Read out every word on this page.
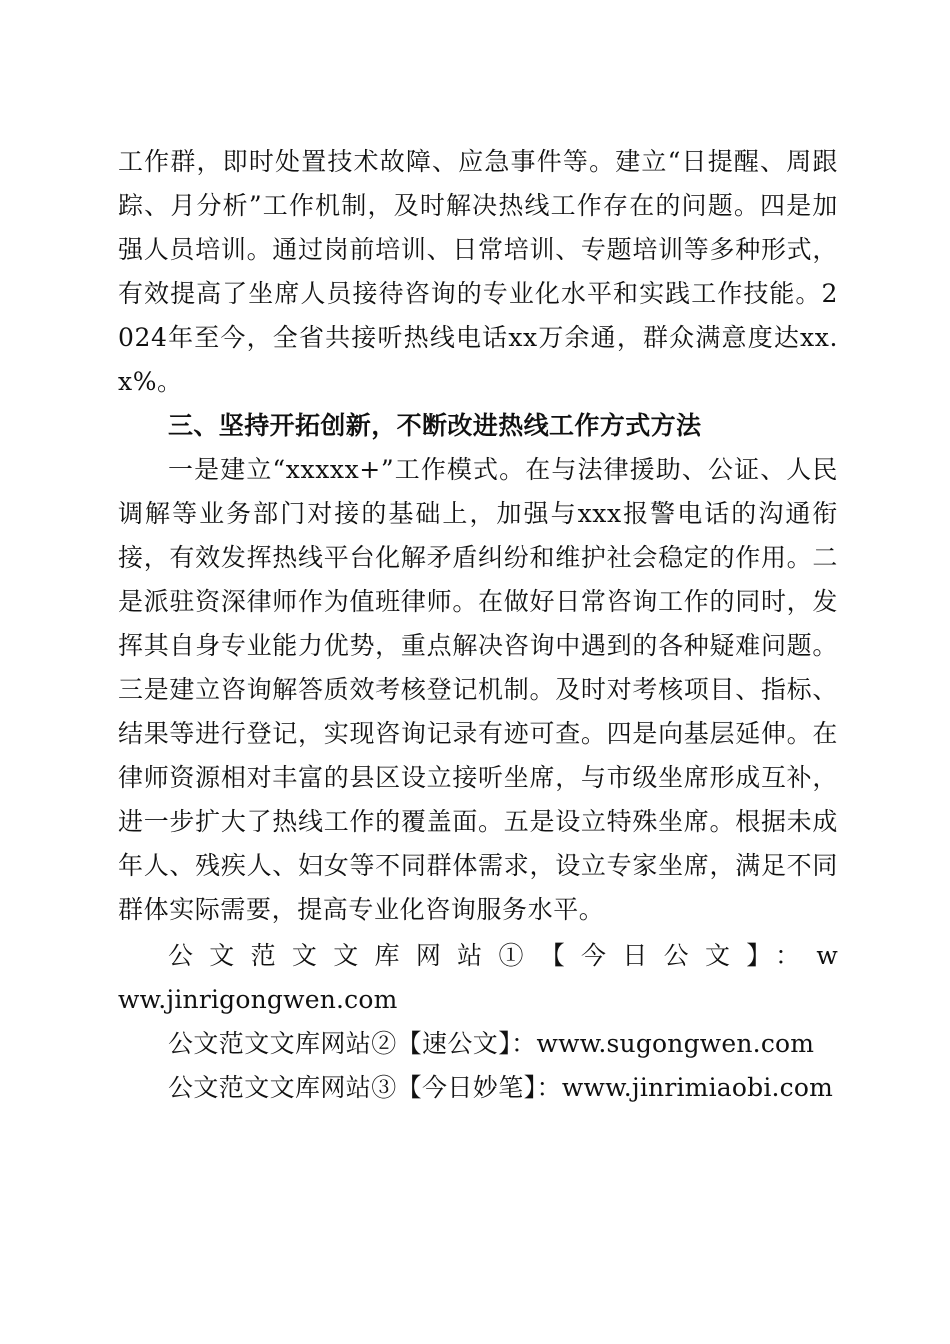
工作群，即时处置技术故障、应急事件等。建立“日提醒、周跟踪、月分析”工作机制，及时解决热线工作存在的问题。四是加强人员培训。通过岗前培训、日常培训、专题培训等多种形式，有效提高了坐席人员接待咨询的专业化水平和实践工作技能。2024年至今，全省共接听热线电话xx万余通，群众满意度达xx.x%。

三、坚持开拓创新，不断改进热线工作方式方法

一是建立“xxxxx+”工作模式。在与法律援助、公证、人民调解等业务部门对接的基础上，加强与xxx报警电话的沟通衔接，有效发挥热线平台化解矛盾纠纷和维护社会稳定的作用。二是派驻资深律师作为值班律师。在做好日常咨询工作的同时，发挥其自身专业能力优势，重点解决咨询中遇到的各种疑难问题。三是建立咨询解答质效考核登记机制。及时对考核项目、指标、结果等进行登记，实现咨询记录有迹可查。四是向基层延伸。在律师资源相对丰富的县区设立接听坐席，与市级坐席形成互补，进一步扩大了热线工作的覆盖面。五是设立特殊坐席。根据未成年人、残疾人、妇女等不同群体需求，设立专家坐席，满足不同群体实际需要，提高专业化咨询服务水平。

公文范文文库网站①【今日公文】：www.jinrigongwen.com

公文范文文库网站②【速公文】：www.sugongwen.com

公文范文文库网站③【今日妙笔】：www.jinrimiaobi.com
